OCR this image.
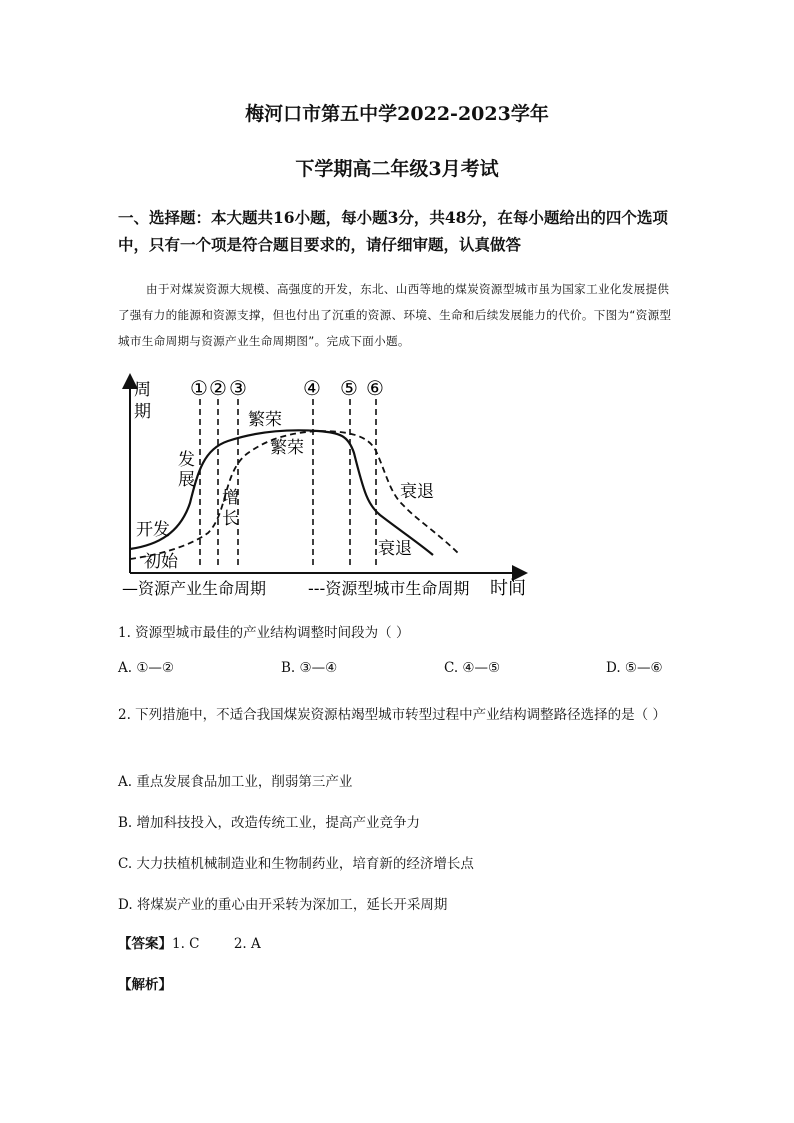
梅河口市第五中学2022-2023学年
下学期高二年级3月考试
一、选择题：本大题共16小题，每小题3分，共48分，在每小题给出的四个选项中，只有一个项是符合题目要求的，请仔细审题，认真做答
由于对煤炭资源大规模、高强度的开发，东北、山西等地的煤炭资源型城市虽为国家工业化发展提供了强有力的能源和资源支撑，但也付出了沉重的资源、环境、生命和后续发展能力的代价。下图为“资源型城市生命周期与资源产业生命周期图”。完成下面小题。
周
期
时间
① ② ③	④ ⑤ ⑥
开发
发
展
繁荣
衰退
初始
增
长
繁荣
衰退
—资源产业生命周期	---资源型城市生命周期
1. 资源型城市最佳的产业结构调整时间段为（ ）
A. ①—②	B. ③—④	C. ④—⑤	D. ⑤—⑥
2. 下列措施中，不适合我国煤炭资源枯竭型城市转型过程中产业结构调整路径选择的是（ ）
A. 重点发展食品加工业，削弱第三产业
B. 增加科技投入，改造传统工业，提高产业竞争力
C. 大力扶植机械制造业和生物制药业，培育新的经济增长点
D. 将煤炭产业的重心由开采转为深加工，延长开采周期
【答案】1. C        2. A
【解析】
